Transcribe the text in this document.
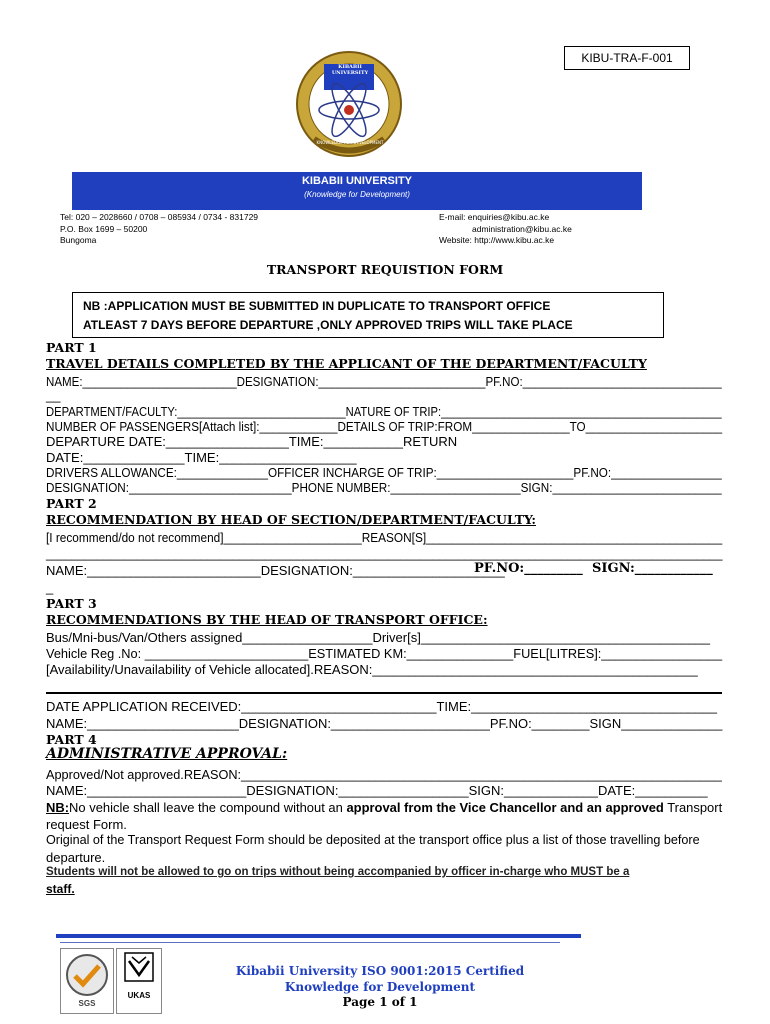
KIBU-TRA-F-001
KIBABII UNIVERSITY
KNOWLEDGE FOR DEVELOPMENT
KIBABII UNIVERSITY
(Knowledge for Development)
Tel: 020 – 2028660 / 0708 – 085934 / 0734 - 831729
P.O. Box 1699 – 50200
Bungoma
E-mail: enquiries@kibu.ac.ke
administration@kibu.ac.ke
Website: http://www.kibu.ac.ke
TRANSPORT REQUISTION FORM
NB :APPLICATION MUST BE SUBMITTED IN DUPLICATE TO TRANSPORT OFFICE
ATLEAST 7 DAYS BEFORE DEPARTURE ,ONLY APPROVED TRIPS WILL TAKE PLACE
PART 1
TRAVEL DETAILS COMPLETED BY THE APPLICANT OF THE DEPARTMENT/FACULTY
NAME:________________________DESIGNATION:__________________________PF.NO:_______________________________
__
DEPARTMENT/FACULTY:___________________________NATURE OF TRIP:_____________________________________________
NUMBER OF PASSENGERS[Attach list]:____________DETAILS OF TRIP:FROM_______________TO_____________________
DEPARTURE DATE:_________________TIME:___________RETURN
DATE:______________TIME:___________________
DRIVERS ALLOWANCE:______________OFFICER INCHARGE OF TRIP:_____________________PF.NO:_________________
DESIGNATION:_________________________PHONE NUMBER:____________________SIGN:__________________________
PART 2
RECOMMENDATION BY HEAD OF SECTION/DEPARTMENT/FACULTY:
[I recommend/do not recommend]_____________________REASON[S]_____________________________________________
_________________________________________________________________________________________________________
NAME:________________________DESIGNATION:_____________________
PF.NO:_________ SIGN:____________
_
PART 3
RECOMMENDATIONS BY THE HEAD OF TRANSPORT OFFICE:
Bus/Mni-bus/Van/Others assigned__________________Driver[s]________________________________________
Vehicle Reg .No: _______________________ESTIMATED KM:_______________FUEL[LITRES]:_________________
[Availability/Unavailability of Vehicle allocated].REASON:_____________________________________________
DATE APPLICATION RECEIVED:___________________________TIME:__________________________________
NAME:_____________________DESIGNATION:______________________PF.NO:________SIGN______________
PART 4
ADMINISTRATIVE APPROVAL:
Approved/Not approved.REASON:____________________________________________________________________
NAME:______________________DESIGNATION:__________________SIGN:_____________DATE:__________
NB:No vehicle shall leave the compound without an approval from the Vice Chancellor and an approved Transport
request Form.
Original of the Transport Request Form should be deposited at the transport office plus a list of those travelling before
departure.
Students will not be allowed to go on trips without being accompanied by officer in-charge who MUST be a
staff.
SGS
UKAS
Kibabii University ISO 9001:2015 Certified
Knowledge for Development
Page 1 of 1
